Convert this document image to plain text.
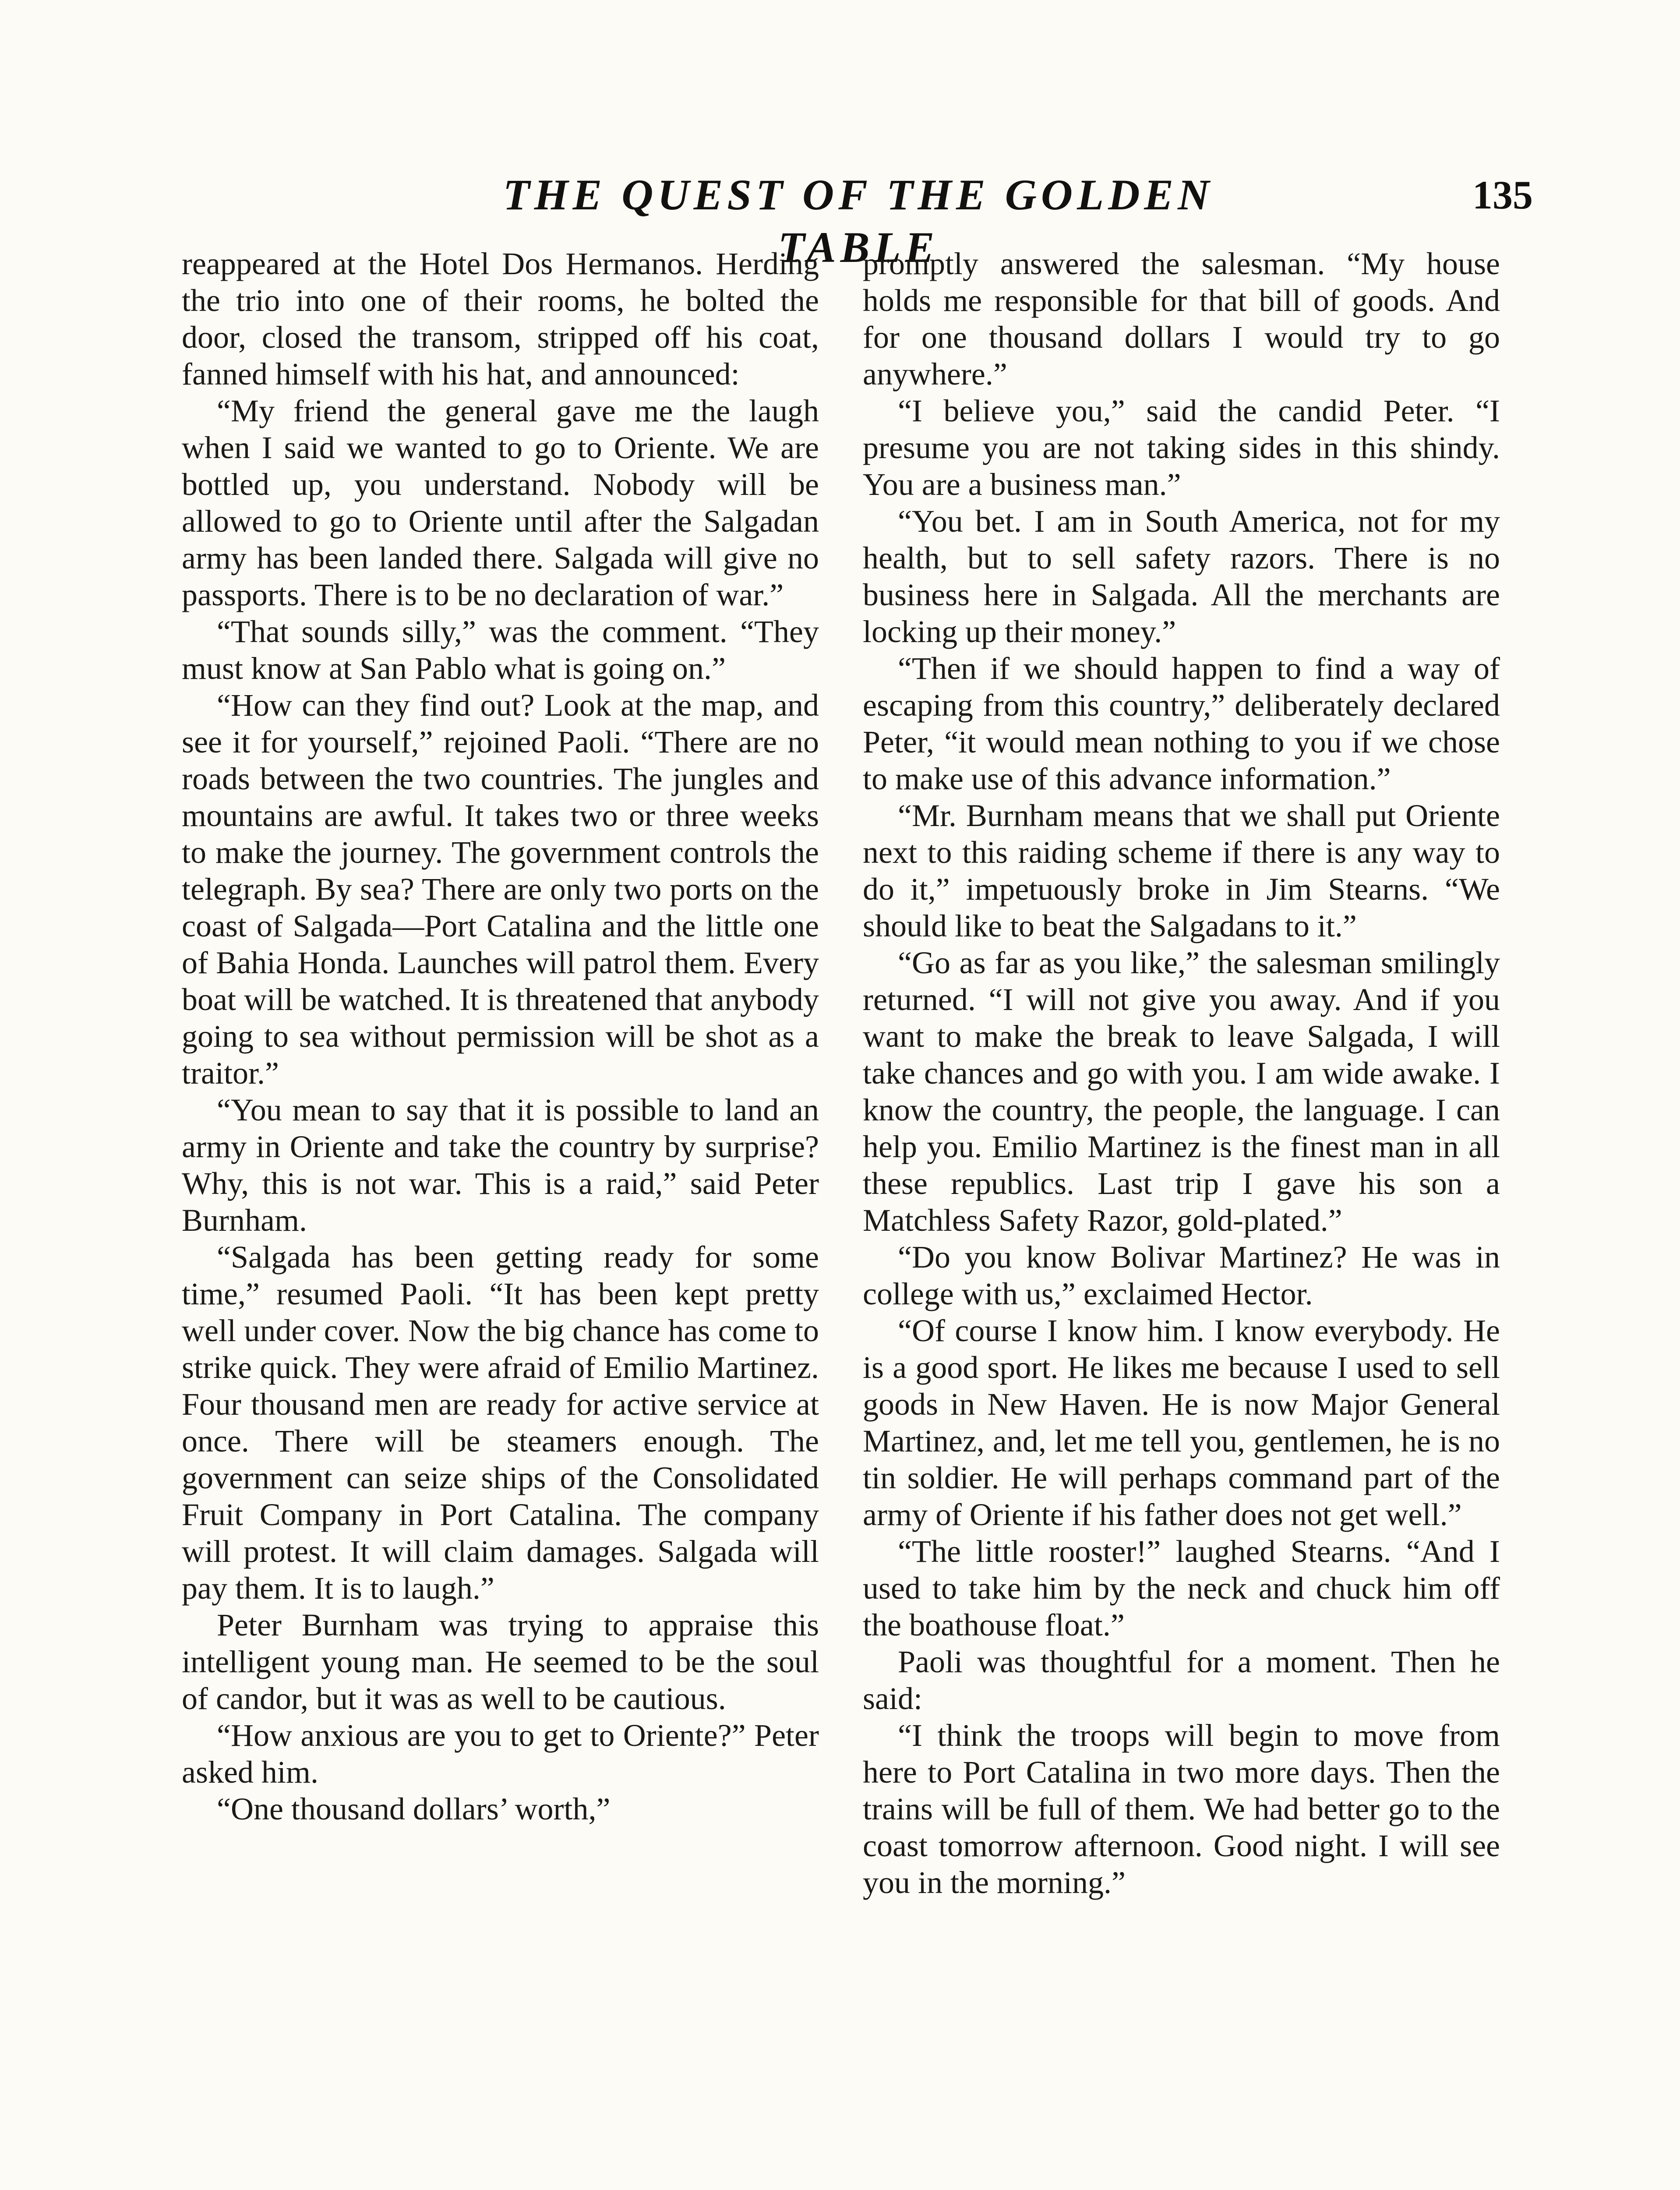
THE QUEST OF THE GOLDEN TABLE
135

reappeared at the Hotel Dos Hermanos. Herding the trio into one of their rooms, he bolted the door, closed the transom, stripped off his coat, fanned himself with his hat, and announced:

“My friend the general gave me the laugh when I said we wanted to go to Oriente. We are bottled up, you understand. Nobody will be allowed to go to Oriente until after the Salgadan army has been landed there. Salgada will give no passports. There is to be no declaration of war.”

“That sounds silly,” was the comment. “They must know at San Pablo what is going on.”

“How can they find out? Look at the map, and see it for yourself,” rejoined Paoli. “There are no roads between the two countries. The jungles and mountains are awful. It takes two or three weeks to make the journey. The government controls the telegraph. By sea? There are only two ports on the coast of Salgada—Port Catalina and the little one of Bahia Honda. Launches will patrol them. Every boat will be watched. It is threatened that anybody going to sea without permission will be shot as a traitor.”

“You mean to say that it is possible to land an army in Oriente and take the country by surprise? Why, this is not war. This is a raid,” said Peter Burnham.

“Salgada has been getting ready for some time,” resumed Paoli. “It has been kept pretty well under cover. Now the big chance has come to strike quick. They were afraid of Emilio Martinez. Four thousand men are ready for active service at once. There will be steamers enough. The government can seize ships of the Consolidated Fruit Company in Port Catalina. The company will protest. It will claim damages. Salgada will pay them. It is to laugh.”

Peter Burnham was trying to appraise this intelligent young man. He seemed to be the soul of candor, but it was as well to be cautious.

“How anxious are you to get to Oriente?” Peter asked him.

“One thousand dollars’ worth,”

promptly answered the salesman. “My house holds me responsible for that bill of goods. And for one thousand dollars I would try to go anywhere.”

“I believe you,” said the candid Peter. “I presume you are not taking sides in this shindy. You are a business man.”

“You bet. I am in South America, not for my health, but to sell safety razors. There is no business here in Salgada. All the merchants are locking up their money.”

“Then if we should happen to find a way of escaping from this country,” deliberately declared Peter, “it would mean nothing to you if we chose to make use of this advance information.”

“Mr. Burnham means that we shall put Oriente next to this raiding scheme if there is any way to do it,” impetuously broke in Jim Stearns. “We should like to beat the Salgadans to it.”

“Go as far as you like,” the salesman smilingly returned. “I will not give you away. And if you want to make the break to leave Salgada, I will take chances and go with you. I am wide awake. I know the country, the people, the language. I can help you. Emilio Martinez is the finest man in all these republics. Last trip I gave his son a Matchless Safety Razor, gold-plated.”

“Do you know Bolivar Martinez? He was in college with us,” exclaimed Hector.

“Of course I know him. I know everybody. He is a good sport. He likes me because I used to sell goods in New Haven. He is now Major General Martinez, and, let me tell you, gentlemen, he is no tin soldier. He will perhaps command part of the army of Oriente if his father does not get well.”

“The little rooster!” laughed Stearns. “And I used to take him by the neck and chuck him off the boathouse float.”

Paoli was thoughtful for a moment. Then he said:

“I think the troops will begin to move from here to Port Catalina in two more days. Then the trains will be full of them. We had better go to the coast tomorrow afternoon. Good night. I will see you in the morning.”
